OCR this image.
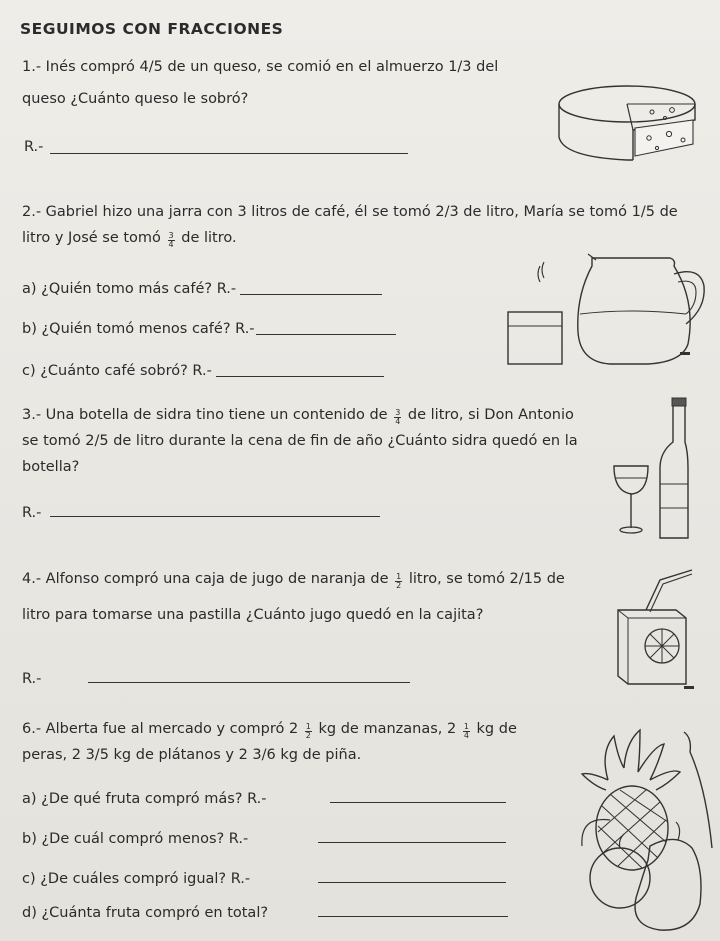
SEGUIMOS CON FRACCIONES
1.- Inés compró 4/5 de un queso, se comió en el almuerzo 1/3 del
queso ¿Cuánto queso le sobró?
R.-
2.- Gabriel hizo una jarra con 3 litros de café, él se tomó 2/3 de litro, María se tomó 1/5 de
litro y José se tomó $\frac{3}{4}$ de litro.
a) ¿Quién tomo más café? R.-
b) ¿Quién tomó menos café? R.-
c) ¿Cuánto café sobró? R.-
3.- Una botella de sidra tino tiene un contenido de $\frac{3}{4}$ de litro, si Don Antonio
se tomó 2/5 de litro durante la cena de fin de año ¿Cuánto sidra quedó en la
botella?
R.-
4.- Alfonso compró una caja de jugo de naranja de $\frac{1}{2}$ litro, se tomó 2/15 de
litro para tomarse una pastilla ¿Cuánto jugo quedó en la cajita?
R.-
6.- Alberta fue al mercado y compró $2 \frac{1}{2}$ kg de manzanas, $2 \frac{1}{4}$ kg de
peras, 2 3/5 kg de plátanos y 2 3/6 kg de piña.
a) ¿De qué fruta compró más? R.-
b) ¿De cuál compró menos? R.-
c) ¿De cuáles compró igual? R.-
d) ¿Cuánta fruta compró en total?
